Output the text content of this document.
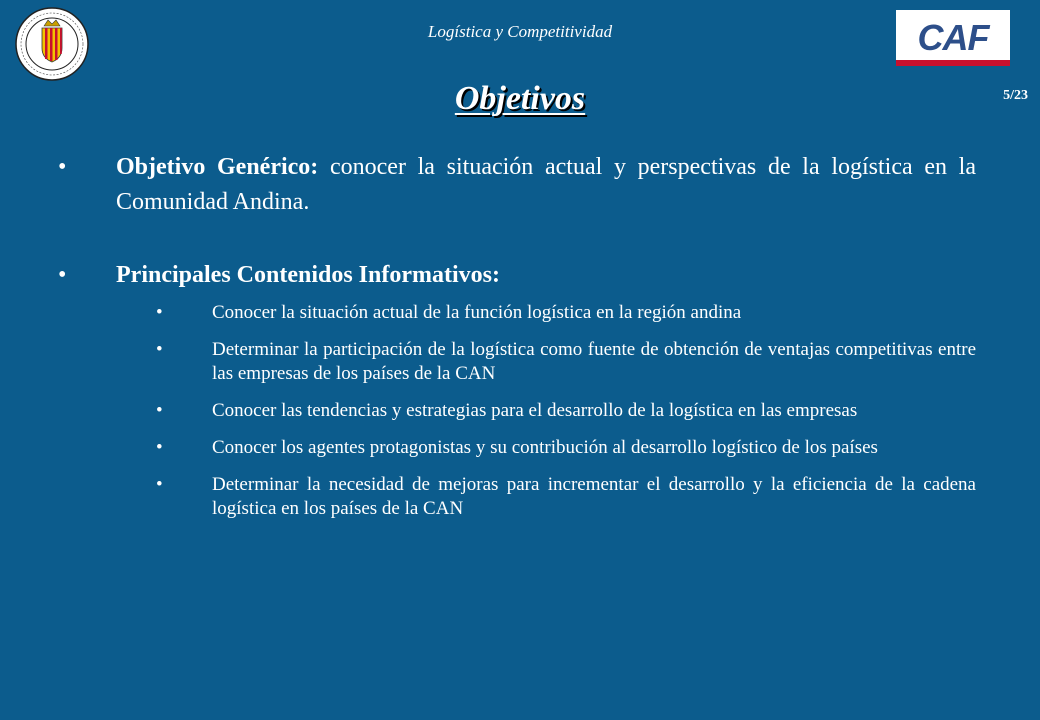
Logística y Competitividad	CAF
5/23
Objetivos
• Objetivo Genérico: conocer la situación actual y perspectivas de la logística en la Comunidad Andina.
• Principales Contenidos Informativos:
•	Conocer la situación actual de la función logística en la región andina
•	Determinar la participación de la logística como fuente de obtención de ventajas competitivas entre las empresas de los países de la CAN
•	Conocer las tendencias y estrategias para el desarrollo de la logística en las empresas
•	Conocer los agentes protagonistas y su contribución al desarrollo logístico de los países
•	Determinar la necesidad de mejoras para incrementar el desarrollo y la eficiencia de la cadena logística en los países de la CAN
